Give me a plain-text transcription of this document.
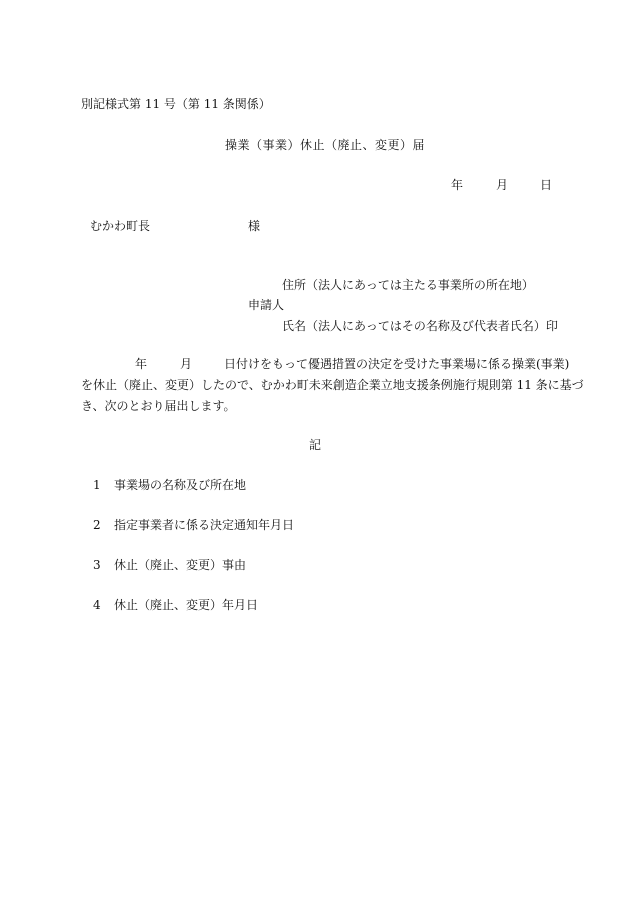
別記様式第 11 号（第 11 条関係）
操業（事業）休止（廃止、変更）届
年	月	日
むかわ町長	様
住所（法人にあっては主たる事業所の所在地）
申請人
氏名（法人にあってはその名称及び代表者氏名）印
年	月	日付けをもって優遇措置の決定を受けた事業場に係る操業(事業)
を休止（廃止、変更）したので、むかわ町未来創造企業立地支援条例施行規則第 11 条に基づ
き、次のとおり届出します。
記
1 事業場の名称及び所在地
2 指定事業者に係る決定通知年月日
3 休止（廃止、変更）事由
4 休止（廃止、変更）年月日
